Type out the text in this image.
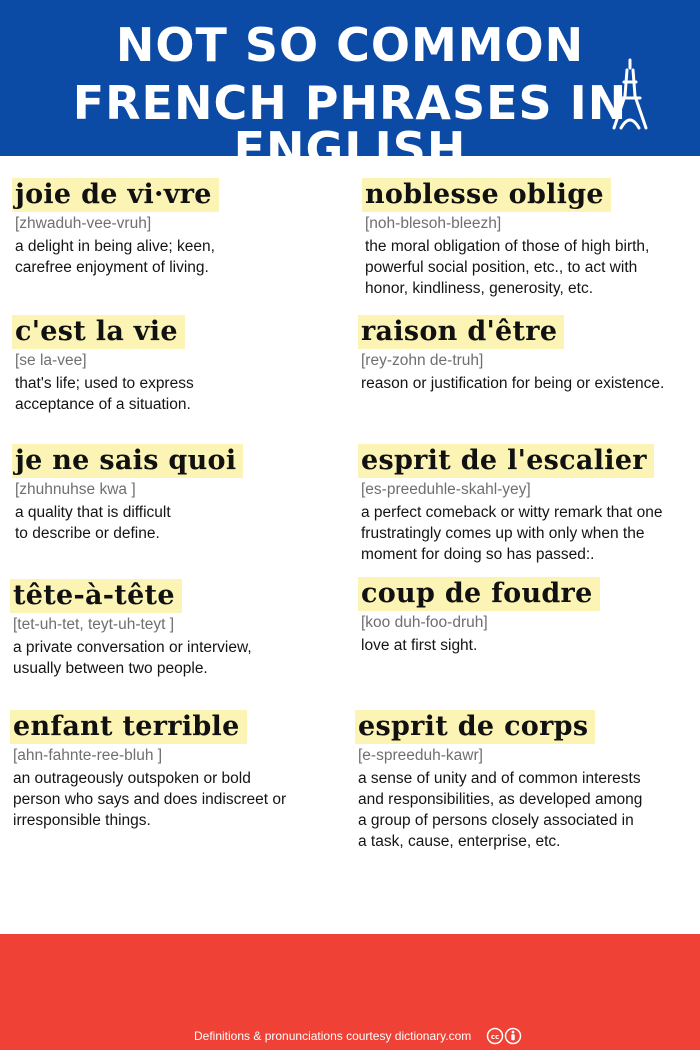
NOT SO COMMON
FRENCH PHRASES IN ENGLISH
joie de vi·vre
[zhwaduh-vee-vruh]
a delight in being alive; keen,
carefree enjoyment of living.
noblesse oblige
[noh-blesoh-bleezh]
the moral obligation of those of high birth,
powerful social position, etc., to act with
honor, kindliness, generosity, etc.
c'est la vie
[se la-vee]
that's life; used to express
acceptance of a situation.
raison d'être
[rey-zohn de-truh]
reason or justification for being or existence.
je ne sais quoi
[zhuhnuhse kwa ]
a quality that is difficult
to describe or define.
esprit de l'escalier
[es-preeduhle-skahl-yey]
a perfect comeback or witty remark that one
frustratingly comes up with only when the
moment for doing so has passed:.
tête-à-tête
[tet-uh-tet, teyt-uh-teyt ]
a private conversation or interview,
usually between two people.
coup de foudre
[koo duh-foo-druh]
love at first sight.
enfant terrible
[ahn-fahnte-ree-bluh ]
an outrageously outspoken or bold
person who says and does indiscreet or
irresponsible things.
esprit de corps
[e-spreeduh-kawr]
a sense of unity and of common interests
and responsibilities, as developed among
a group of persons closely associated in
a task, cause, enterprise, etc.
Definitions & pronunciations courtesy dictionary.com	cc
